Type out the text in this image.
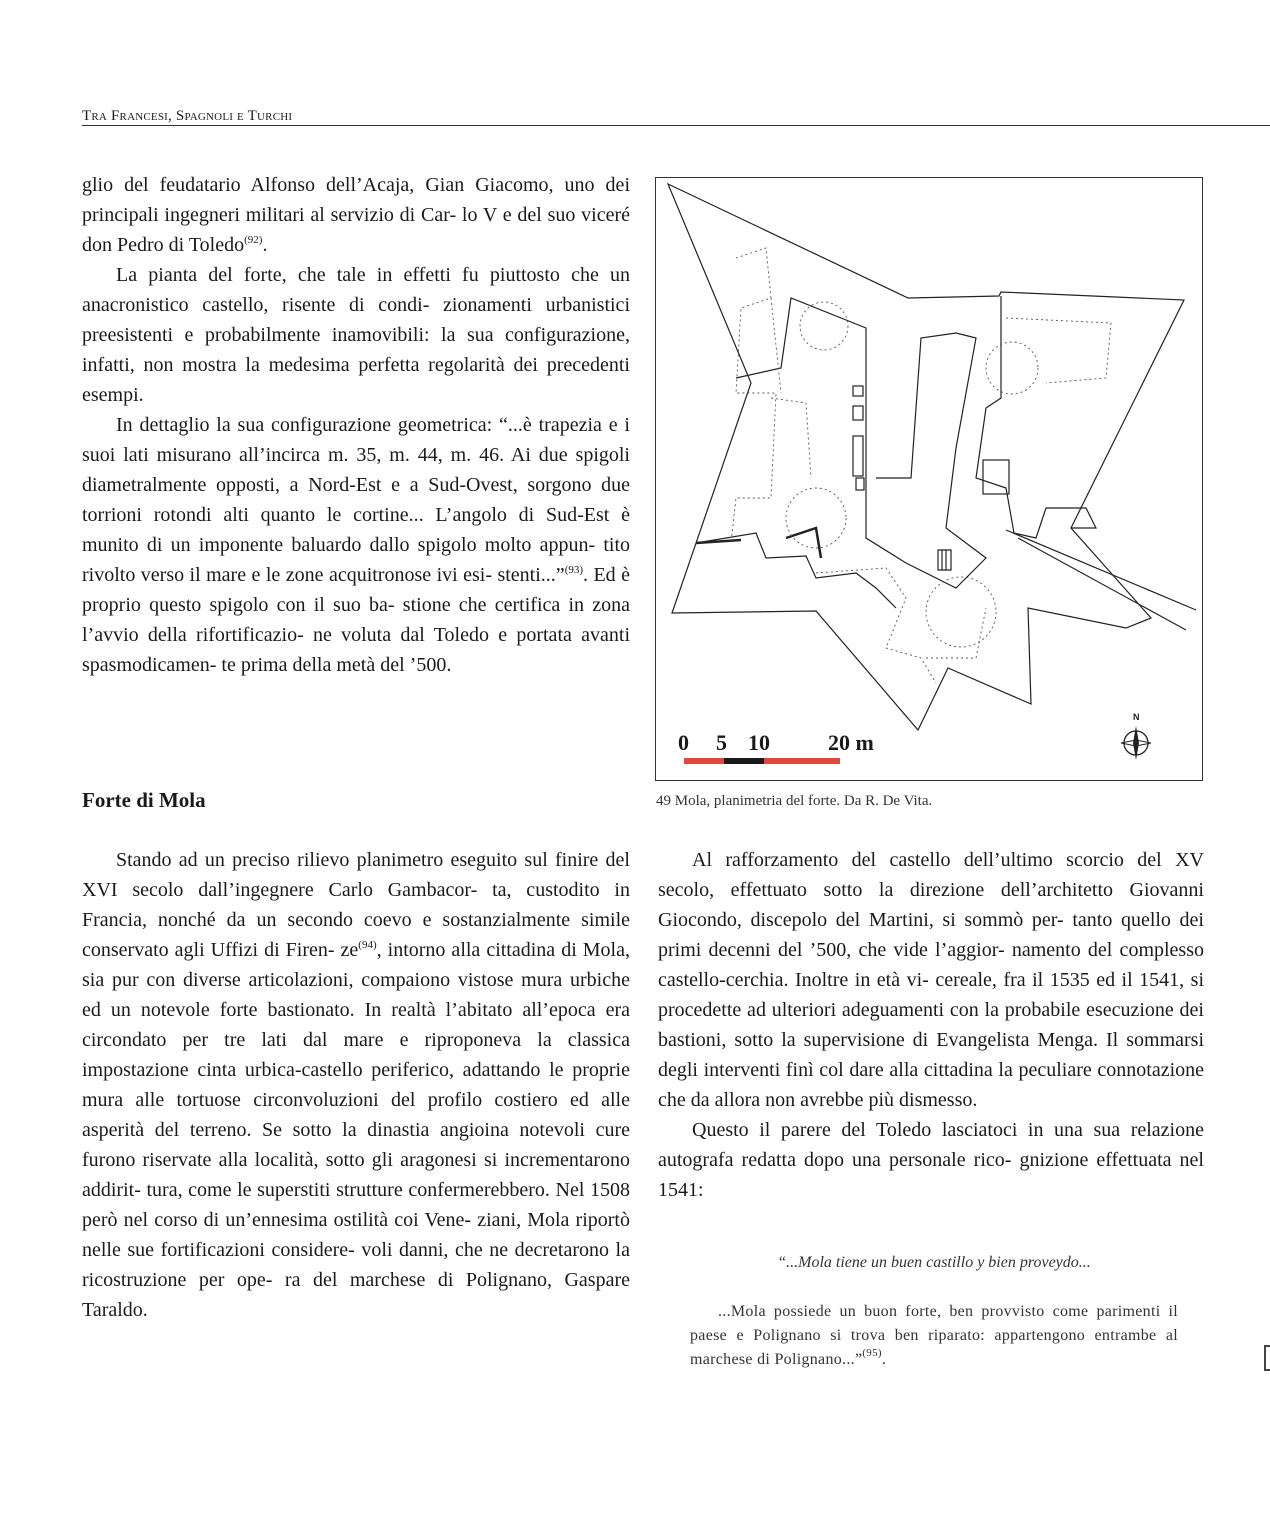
Tra Francesi, Spagnoli e Turchi

glio del feudatario Alfonso dell’Acaja, Gian Giacomo, uno dei principali ingegneri militari al servizio di Car- lo V e del suo viceré don Pedro di Toledo$^{(92)}$.

La pianta del forte, che tale in effetti fu piuttosto che un anacronistico castello, risente di condi- zionamenti urbanistici preesistenti e probabilmente inamovibili: la sua configurazione, infatti, non mostra la medesima perfetta regolarità dei precedenti esempi.

In dettaglio la sua configurazione geometrica: “...è trapezia e i suoi lati misurano all’incirca m. 35, m. 44, m. 46. Ai due spigoli diametralmente opposti, a Nord-Est e a Sud-Ovest, sorgono due torrioni rotondi alti quanto le cortine... L’angolo di Sud-Est è munito di un imponente baluardo dallo spigolo molto appun- tito rivolto verso il mare e le zone acquitronose ivi esi- stenti...”$^{(93)}$. Ed è proprio questo spigolo con il suo ba- stione che certifica in zona l’avvio della rifortificazio- ne voluta dal Toledo e portata avanti spasmodicamen- te prima della metà del ’500.

Forte di Mola

Stando ad un preciso rilievo planimetro eseguito sul finire del XVI secolo dall’ingegnere Carlo Gambacor- ta, custodito in Francia, nonché da un secondo coevo e sostanzialmente simile conservato agli Uffizi di Firen- ze$^{(94)}$, intorno alla cittadina di Mola, sia pur con diverse articolazioni, compaiono vistose mura urbiche ed un notevole forte bastionato. In realtà l’abitato all’epoca era circondato per tre lati dal mare e riproponeva la classica impostazione cinta urbica-castello periferico, adattando le proprie mura alle tortuose circonvoluzioni del profilo costiero ed alle asperità del terreno. Se sotto la dinastia angioina notevoli cure furono riservate alla località, sotto gli aragonesi si incrementarono addirit- tura, come le superstiti strutture confermerebbero. Nel 1508 però nel corso di un’ennesima ostilità coi Vene- ziani, Mola riportò nelle sue fortificazioni considere- voli danni, che ne decretarono la ricostruzione per ope- ra del marchese di Polignano, Gaspare Taraldo.

0 5 10	20 m
N
49 Mola, planimetria del forte. Da R. De Vita.

Al rafforzamento del castello dell’ultimo scorcio del XV secolo, effettuato sotto la direzione dell’architetto Giovanni Giocondo, discepolo del Martini, si sommò per- tanto quello dei primi decenni del ’500, che vide l’aggior- namento del complesso castello-cerchia. Inoltre in età vi- cereale, fra il 1535 ed il 1541, si procedette ad ulteriori adeguamenti con la probabile esecuzione dei bastioni, sotto la supervisione di Evangelista Menga. Il sommarsi degli interventi finì col dare alla cittadina la peculiare connotazione che da allora non avrebbe più dismesso.

Questo il parere del Toledo lasciatoci in una sua relazione autografa redatta dopo una personale rico- gnizione effettuata nel 1541:

“...Mola tiene un buen castillo y bien proveydo...
...Mola possiede un buon forte, ben provvisto come parimenti il paese e Polignano si trova ben riparato: appartengono entrambe al marchese di Polignano...”$^{(95)}$.
